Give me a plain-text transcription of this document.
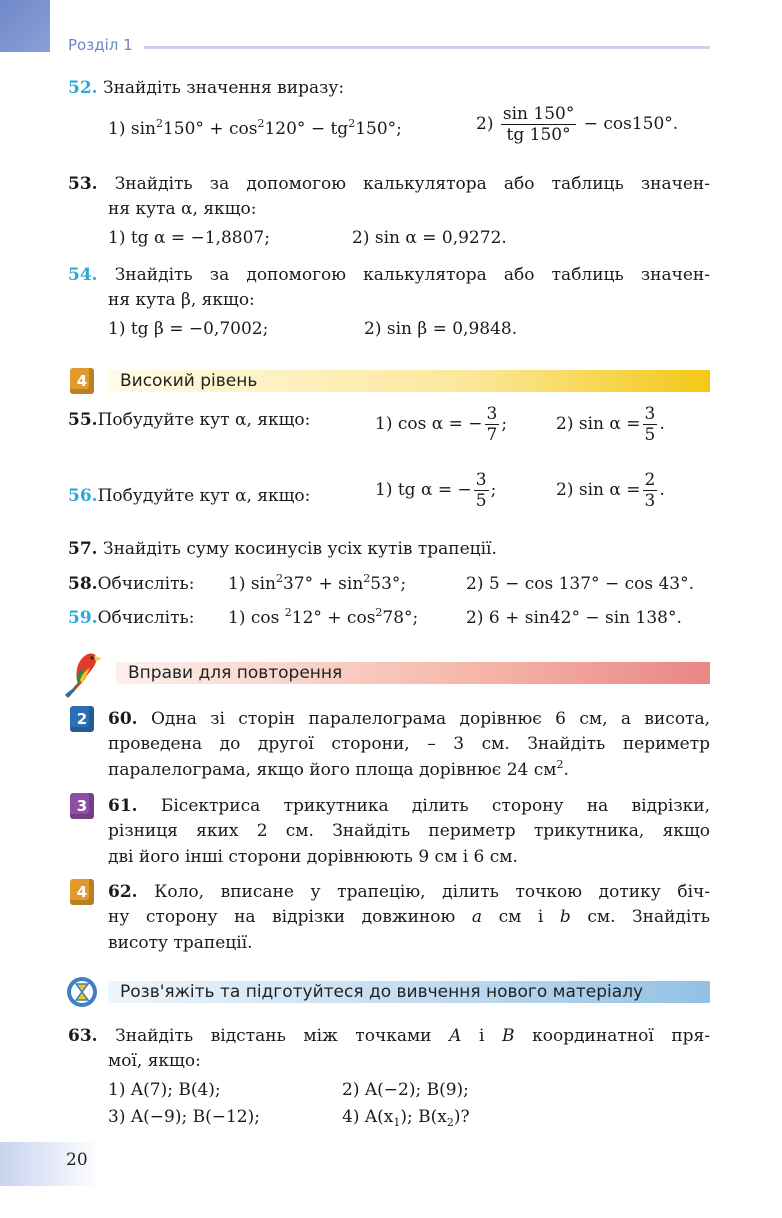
Розділ 1
52. Знайдіть значення виразу:
1) $\sin^2150^\circ + \cos^2120^\circ - tg^2150^\circ$;	$2) \frac{\sin 150^\circ}{tg 150^\circ} - \cos 150^\circ$.
53. Знайдіть за допомогою калькулятора або таблиць значен-
ня кута α, якщо:
1) tg α = −1,8807;	2) sin α = 0,9272.
54. Знайдіть за допомогою калькулятора або таблиць значен-
ня кута β, якщо:
1) tg β = −0,7002;	2) sin β = 0,9848.
4	Високий рівень
55.Побудуйте кут α, якщо:	1) cos α = − $\frac{3}{7}$ ;	2) $\sin \alpha = \frac{3}{5}$ .
56.Побудуйте кут α, якщо:	1) tg α = − $\frac{3}{5}$ ;	2) $\sin \alpha = \frac{2}{3}$ .
57. Знайдіть суму косинусів усіх кутів трапеції.
58.Обчисліть: 1) $\sin^237^\circ + \sin^253^\circ$;	2) 5 − cos 137° − cos 43°.
59.Обчисліть: 1) $\cos ^212^\circ + \cos^278^\circ$;	2) 6 + sin42° − sin 138°.
Вправи для повторення
2	60. Одна зі сторін паралелограма дорівнює 6 см, а висота,
проведена до другої сторони, – 3 см. Знайдіть периметр
паралелограма, якщо його площа дорівнює 24 $см^2$.
3	61. Бісектриса трикутника ділить сторону на відрізки,
різниця яких 2 см. Знайдіть периметр трикутника, якщо
дві його інші сторони дорівнюють 9 см і 6 см.
4	62. Коло, вписане у трапецію, ділить точкою дотику біч-
ну сторону на відрізки довжиною a см і b см. Знайдіть
висоту трапеції.
Розв'яжіть та підготуйтеся до вивчення нового матеріалу
63. Знайдіть відстань між точками A і B координатної пря-
мої, якщо:
1) A(7); B(4);	2) A(−2); B(9);
3) A(−9); B(−12);	4) $A(x_1)$; $B(x_2)$?
20
